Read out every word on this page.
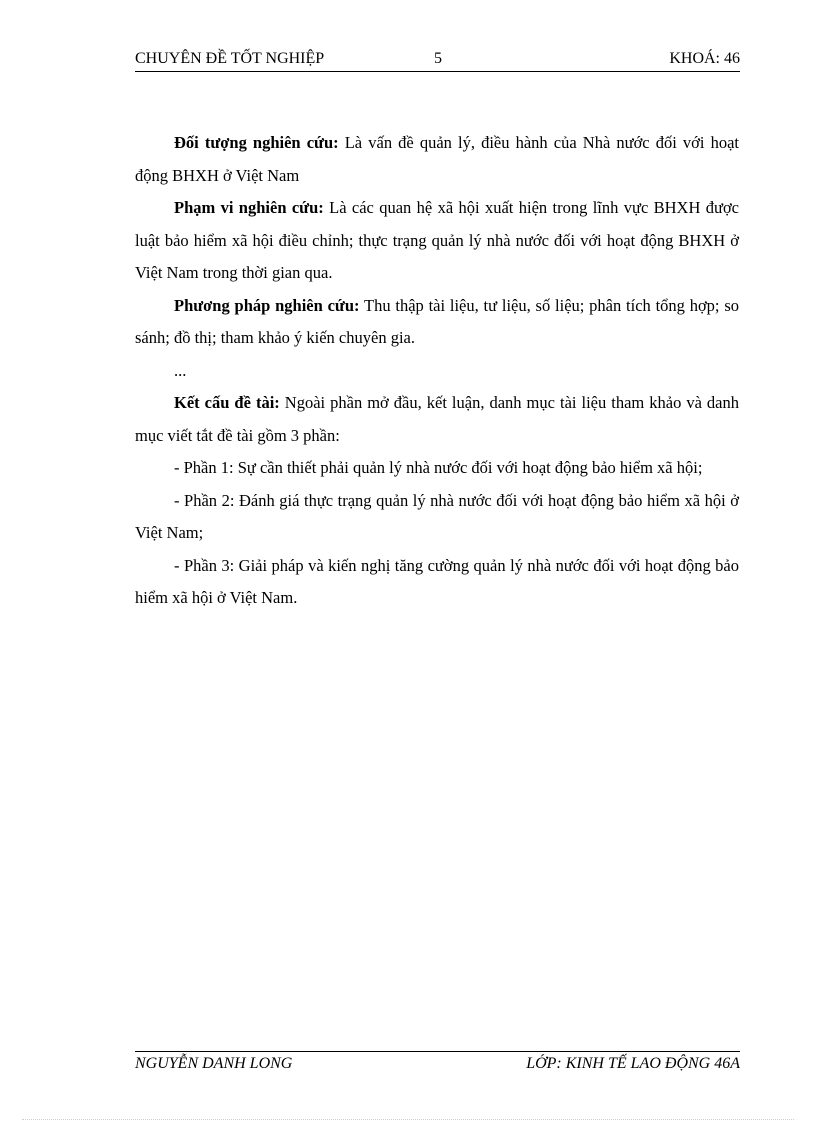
CHUYÊN ĐỀ TỐT NGHIỆP	5	KHOÁ: 46

Đối tượng nghiên cứu: Là vấn đề quản lý, điều hành của Nhà nước đối với hoạt động BHXH ở Việt Nam

Phạm vi nghiên cứu: Là các quan hệ xã hội xuất hiện trong lĩnh vực BHXH được luật bảo hiểm xã hội điều chỉnh; thực trạng quản lý nhà nước đối với hoạt động BHXH ở Việt Nam trong thời gian qua.

Phương pháp nghiên cứu: Thu thập tài liệu, tư liệu, số liệu; phân tích tổng hợp; so sánh; đồ thị; tham khảo ý kiến chuyên gia.

...

Kết cấu đề tài: Ngoài phần mở đầu, kết luận, danh mục tài liệu tham khảo và danh mục viết tắt đề tài gồm 3 phần:

- Phần 1: Sự cần thiết phải quản lý nhà nước đối với hoạt động bảo hiểm xã hội;

- Phần 2: Đánh giá thực trạng quản lý nhà nước đối với hoạt động bảo hiểm xã hội ở Việt Nam;

- Phần 3: Giải pháp và kiến nghị tăng cường quản lý nhà nước đối với hoạt động bảo hiểm xã hội ở Việt Nam.

NGUYỄN DANH LONG	LỚP: KINH TẾ LAO ĐỘNG 46A
